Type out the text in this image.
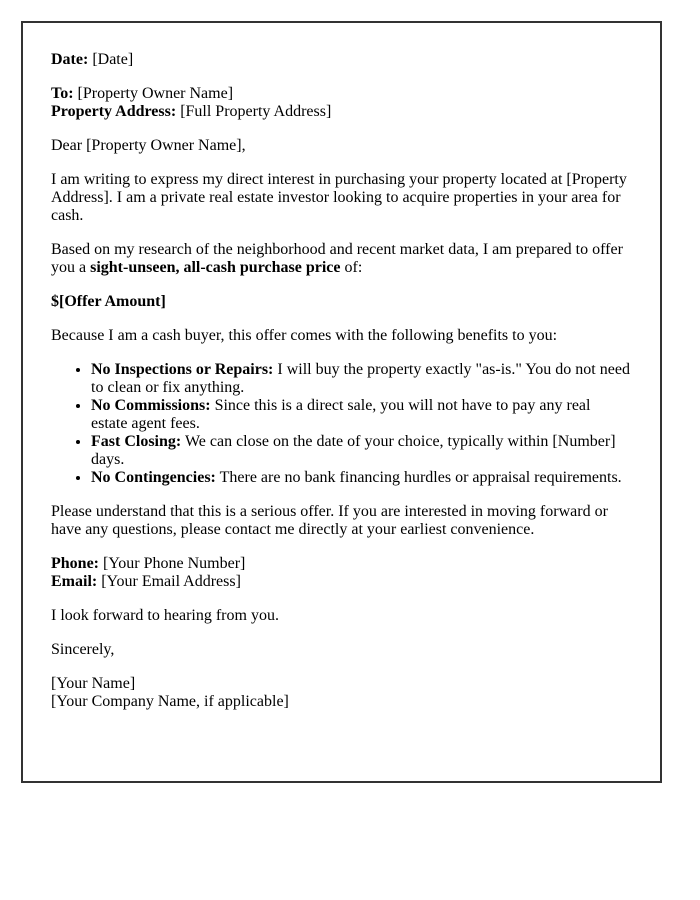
Date: [Date]

To: [Property Owner Name]
Property Address: [Full Property Address]

Dear [Property Owner Name],

I am writing to express my direct interest in purchasing your property located at [Property Address]. I am a private real estate investor looking to acquire properties in your area for cash.

Based on my research of the neighborhood and recent market data, I am prepared to offer you a sight-unseen, all-cash purchase price of:

$[Offer Amount]

Because I am a cash buyer, this offer comes with the following benefits to you:

• No Inspections or Repairs: I will buy the property exactly "as-is." You do not need to clean or fix anything.
• No Commissions: Since this is a direct sale, you will not have to pay any real estate agent fees.
• Fast Closing: We can close on the date of your choice, typically within [Number] days.
• No Contingencies: There are no bank financing hurdles or appraisal requirements.

Please understand that this is a serious offer. If you are interested in moving forward or have any questions, please contact me directly at your earliest convenience.

Phone: [Your Phone Number]
Email: [Your Email Address]

I look forward to hearing from you.

Sincerely,

[Your Name]
[Your Company Name, if applicable]
